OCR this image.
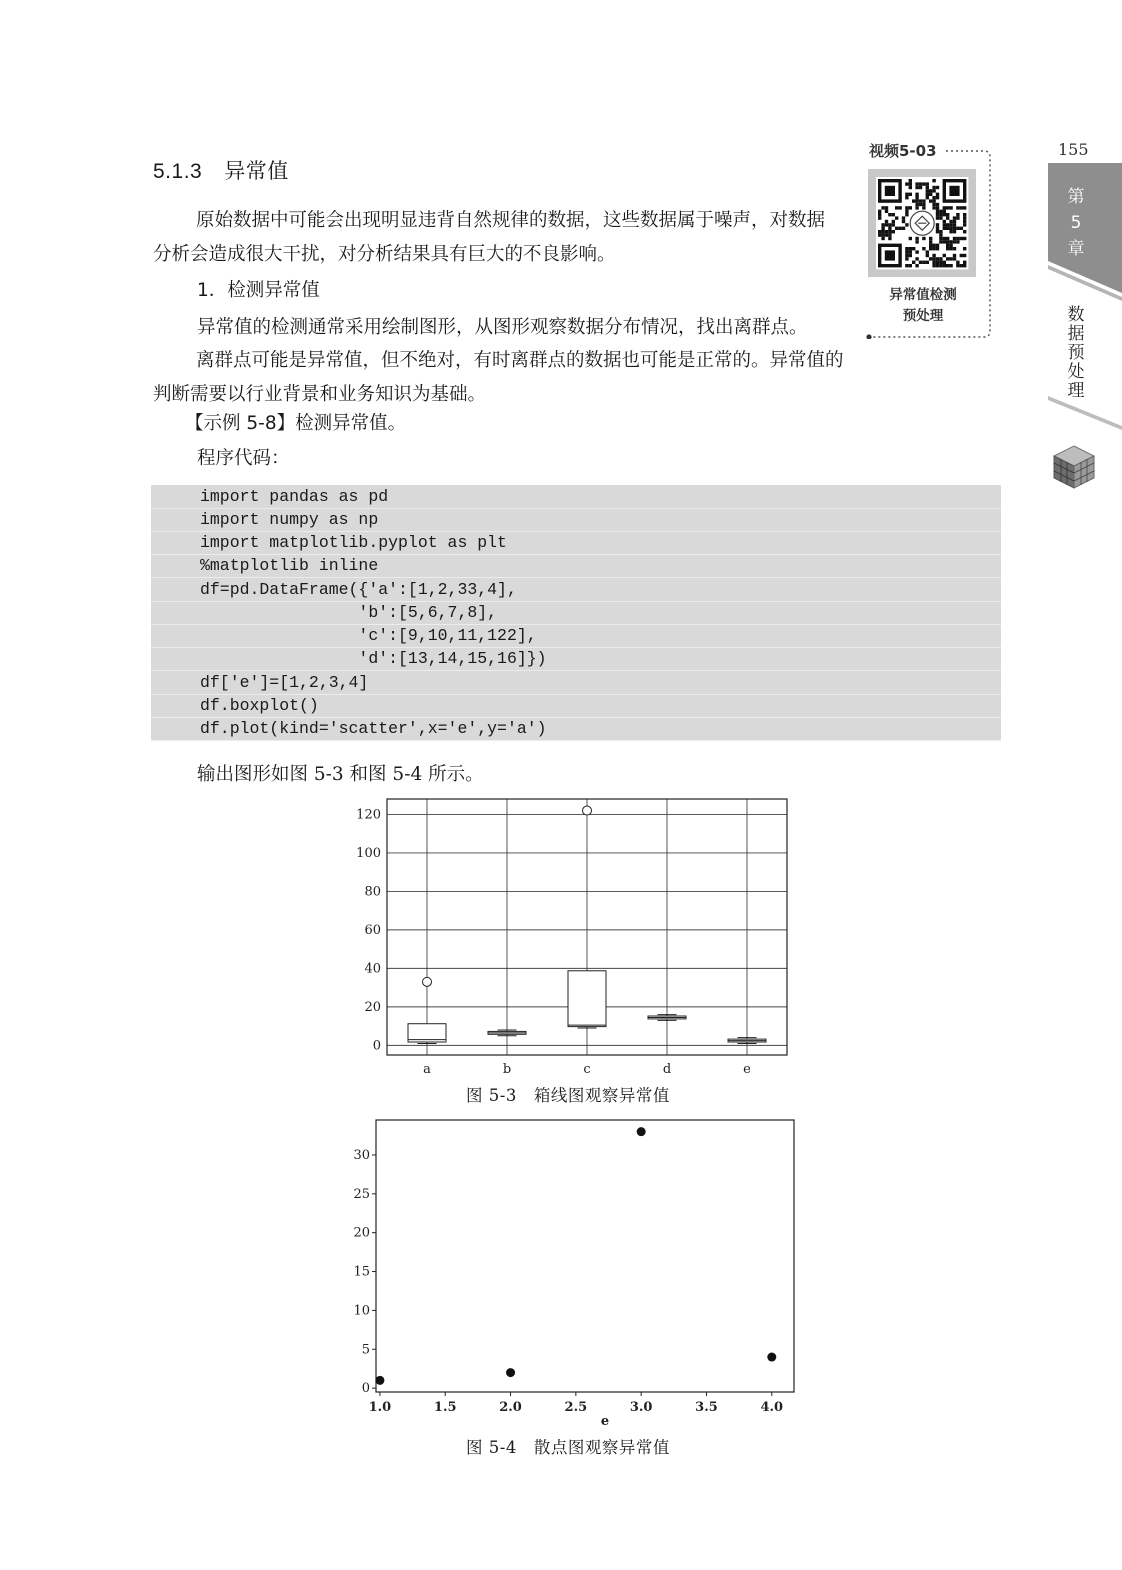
5.1.3 异常值
原始数据中可能会出现明显违背自然规律的数据，这些数据属于噪声，对数据分析会造成很大干扰，对分析结果具有巨大的不良影响。
1．检测异常值
异常值的检测通常采用绘制图形，从图形观察数据分布情况，找出离群点。
离群点可能是异常值，但不绝对，有时离群点的数据也可能是正常的。异常值的判断需要以行业背景和业务知识为基础。
【示例 5-8】检测异常值。
程序代码：
import pandas as pd
import numpy as np
import matplotlib.pyplot as plt
%matplotlib inline
df=pd.DataFrame({'a':[1,2,33,4],
'b':[5,6,7,8],
'c':[9,10,11,122],
'd':[13,14,15,16]})
df['e']=[1,2,3,4]
df.boxplot()
df.plot(kind='scatter',x='e',y='a')
输出图形如图 5-3 和图 5-4 所示。
0
20
40
60
80
100
120
a	b	c	d	e
图 5-3　箱线图观察异常值
0
5
10
15
20
25
30
1.0	1.5	2.0	2.5	3.0	3.5	4.0
e
图 5-4　散点图观察异常值
155
第
5
章
数
据
预
处
理
视频5-03
异常值检测
预处理
